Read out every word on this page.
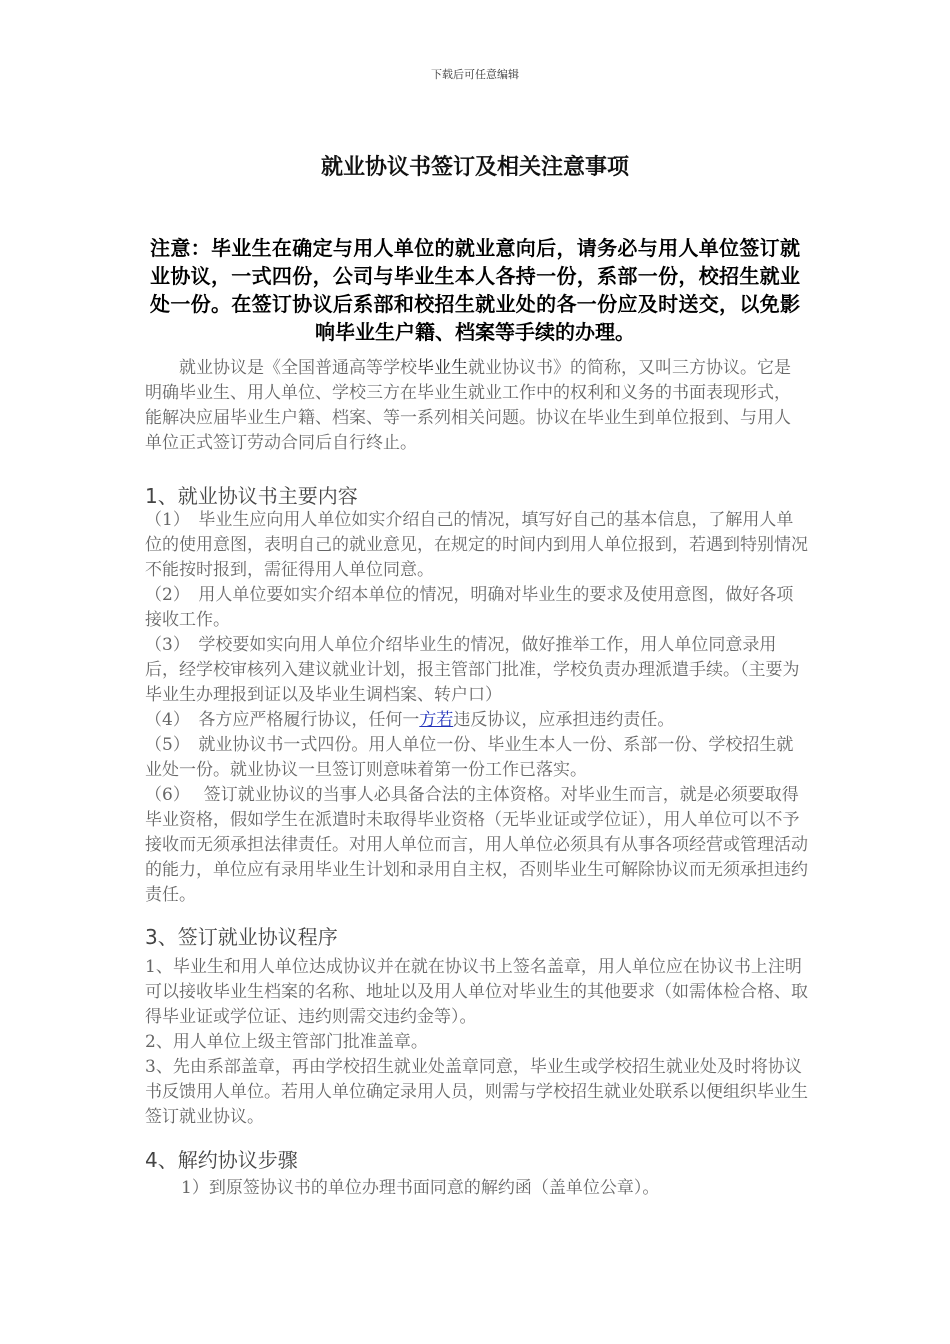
下载后可任意编辑
就业协议书签订及相关注意事项

注意：毕业生在确定与用人单位的就业意向后，请务必与用人单位签订就业协议，一式四份，公司与毕业生本人各持一份，系部一份，校招生就业处一份。在签订协议后系部和校招生就业处的各一份应及时送交，以免影响毕业生户籍、档案等手续的办理。

就业协议是《全国普通高等学校毕业生就业协议书》的简称，又叫三方协议。它是明确毕业生、用人单位、学校三方在毕业生就业工作中的权利和义务的书面表现形式，能解决应届毕业生户籍、档案、等一系列相关问题。协议在毕业生到单位报到、与用人单位正式签订劳动合同后自行终止。

1、就业协议书主要内容

（1）　毕业生应向用人单位如实介绍自己的情况，填写好自己的基本信息，了解用人单位的使用意图，表明自己的就业意见，在规定的时间内到用人单位报到，若遇到特别情况不能按时报到，需征得用人单位同意。

（2）　用人单位要如实介绍本单位的情况，明确对毕业生的要求及使用意图，做好各项接收工作。

（3）　学校要如实向用人单位介绍毕业生的情况，做好推举工作，用人单位同意录用后，经学校审核列入建议就业计划，报主管部门批准，学校负责办理派遣手续。（主要为毕业生办理报到证以及毕业生调档案、转户口）

（4）　各方应严格履行协议，任何一方若违反协议，应承担违约责任。

（5）　就业协议书一式四份。用人单位一份、毕业生本人一份、系部一份、学校招生就业处一份。就业协议一旦签订则意味着第一份工作已落实。

（6）　 签订就业协议的当事人必具备合法的主体资格。对毕业生而言，就是必须要取得毕业资格，假如学生在派遣时未取得毕业资格（无毕业证或学位证），用人单位可以不予接收而无须承担法律责任。对用人单位而言，用人单位必须具有从事各项经营或管理活动的能力，单位应有录用毕业生计划和录用自主权，否则毕业生可解除协议而无须承担违约责任。

3、签订就业协议程序

1、毕业生和用人单位达成协议并在就在协议书上签名盖章，用人单位应在协议书上注明可以接收毕业生档案的名称、地址以及用人单位对毕业生的其他要求（如需体检合格、取得毕业证或学位证、违约则需交违约金等）。

2、用人单位上级主管部门批准盖章。

3、先由系部盖章，再由学校招生就业处盖章同意，毕业生或学校招生就业处及时将协议书反馈用人单位。若用人单位确定录用人员，则需与学校招生就业处联系以便组织毕业生签订就业协议。

4、解约协议步骤

1）到原签协议书的单位办理书面同意的解约函（盖单位公章）。
